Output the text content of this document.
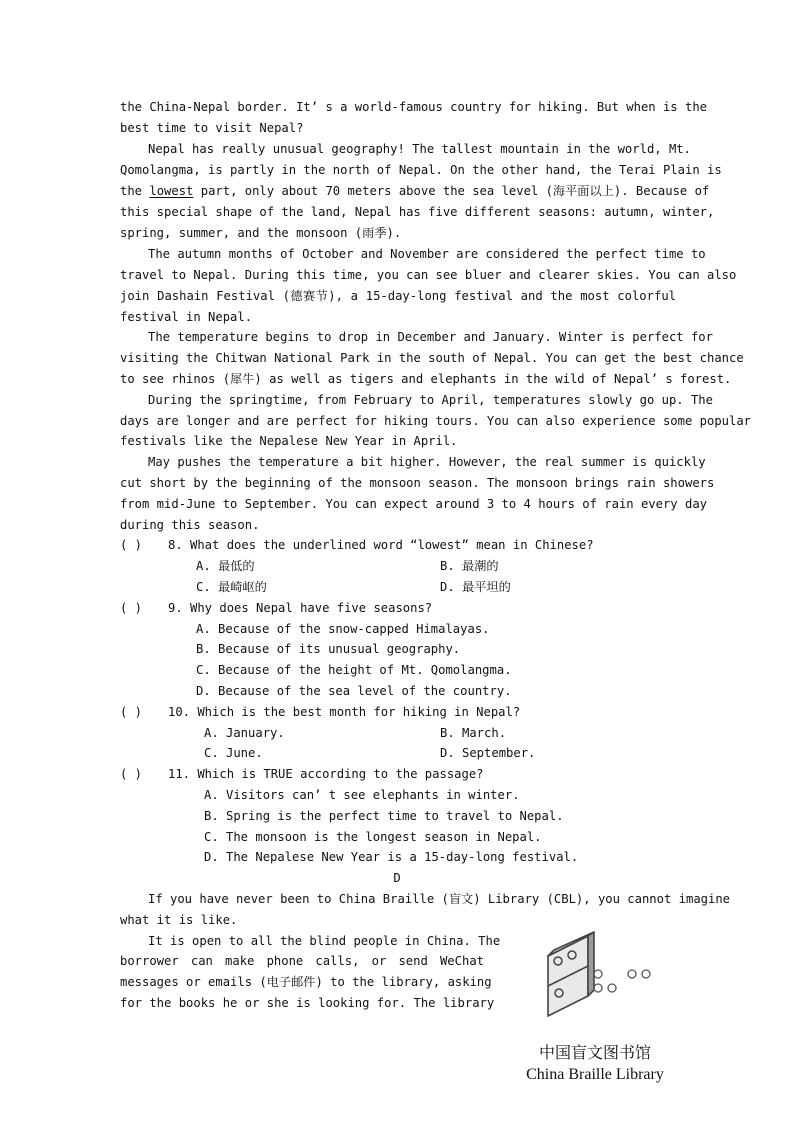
the China-Nepal border. It’ s a world-famous country for hiking. But when is the
best time to visit Nepal?
Nepal has really unusual geography! The tallest mountain in the world, Mt.
Qomolangma, is partly in the north of Nepal. On the other hand, the Terai Plain is
the lowest part, only about 70 meters above the sea level (海平面以上). Because of
this special shape of the land, Nepal has five different seasons: autumn, winter,
spring, summer, and the monsoon (雨季).
The autumn months of October and November are considered the perfect time to
travel to Nepal. During this time, you can see bluer and clearer skies. You can also
join Dashain Festival (德赛节), a 15-day-long festival and the most colorful
festival in Nepal.
The temperature begins to drop in December and January. Winter is perfect for
visiting the Chitwan National Park in the south of Nepal. You can get the best chance
to see rhinos (犀牛) as well as tigers and elephants in the wild of Nepal’ s forest.
During the springtime, from February to April, temperatures slowly go up. The
days are longer and are perfect for hiking tours. You can also experience some popular
festivals like the Nepalese New Year in April.
May pushes the temperature a bit higher. However, the real summer is quickly
cut short by the beginning of the monsoon season. The monsoon brings rain showers
from mid-June to September. You can expect around 3 to 4 hours of rain every day
during this season.
( ) 8. What does the underlined word “lowest” mean in Chinese?
A. 最低的	B. 最潮的
C. 最崎岖的	D. 最平坦的
( ) 9. Why does Nepal have five seasons?
A. Because of the snow-capped Himalayas.
B. Because of its unusual geography.
C. Because of the height of Mt. Qomolangma.
D. Because of the sea level of the country.
( ) 10. Which is the best month for hiking in Nepal?
A. January.	B. March.
C. June.	D. September.
( ) 11. Which is TRUE according to the passage?
A. Visitors can’ t see elephants in winter.
B. Spring is the perfect time to travel to Nepal.
C. The monsoon is the longest season in Nepal.
D. The Nepalese New Year is a 15-day-long festival.
D
If you have never been to China Braille (盲文) Library (CBL), you cannot imagine
what it is like.
It is open to all the blind people in China. The
borrower can make phone calls, or send WeChat
messages or emails (电子邮件) to the library, asking
for the books he or she is looking for. The library
中国盲文图书馆
China Braille Library
